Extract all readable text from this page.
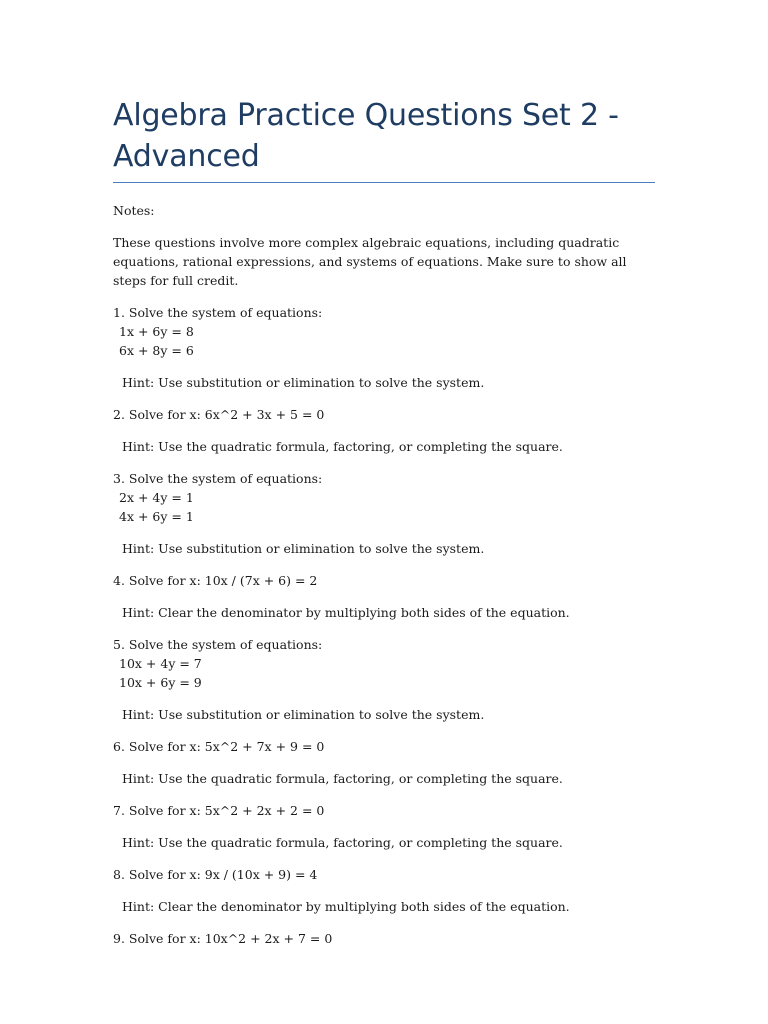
Algebra Practice Questions Set 2 - Advanced

Notes:

These questions involve more complex algebraic equations, including quadratic equations, rational expressions, and systems of equations. Make sure to show all steps for full credit.

1. Solve the system of equations:

1x + 6y = 8

6x + 8y = 6

Hint: Use substitution or elimination to solve the system.

2. Solve for x: 6x^2 + 3x + 5 = 0

Hint: Use the quadratic formula, factoring, or completing the square.

3. Solve the system of equations:

2x + 4y = 1

4x + 6y = 1

Hint: Use substitution or elimination to solve the system.

4. Solve for x: 10x / (7x + 6) = 2

Hint: Clear the denominator by multiplying both sides of the equation.

5. Solve the system of equations:

10x + 4y = 7

10x + 6y = 9

Hint: Use substitution or elimination to solve the system.

6. Solve for x: 5x^2 + 7x + 9 = 0

Hint: Use the quadratic formula, factoring, or completing the square.

7. Solve for x: 5x^2 + 2x + 2 = 0

Hint: Use the quadratic formula, factoring, or completing the square.

8. Solve for x: 9x / (10x + 9) = 4

Hint: Clear the denominator by multiplying both sides of the equation.

9. Solve for x: 10x^2 + 2x + 7 = 0
